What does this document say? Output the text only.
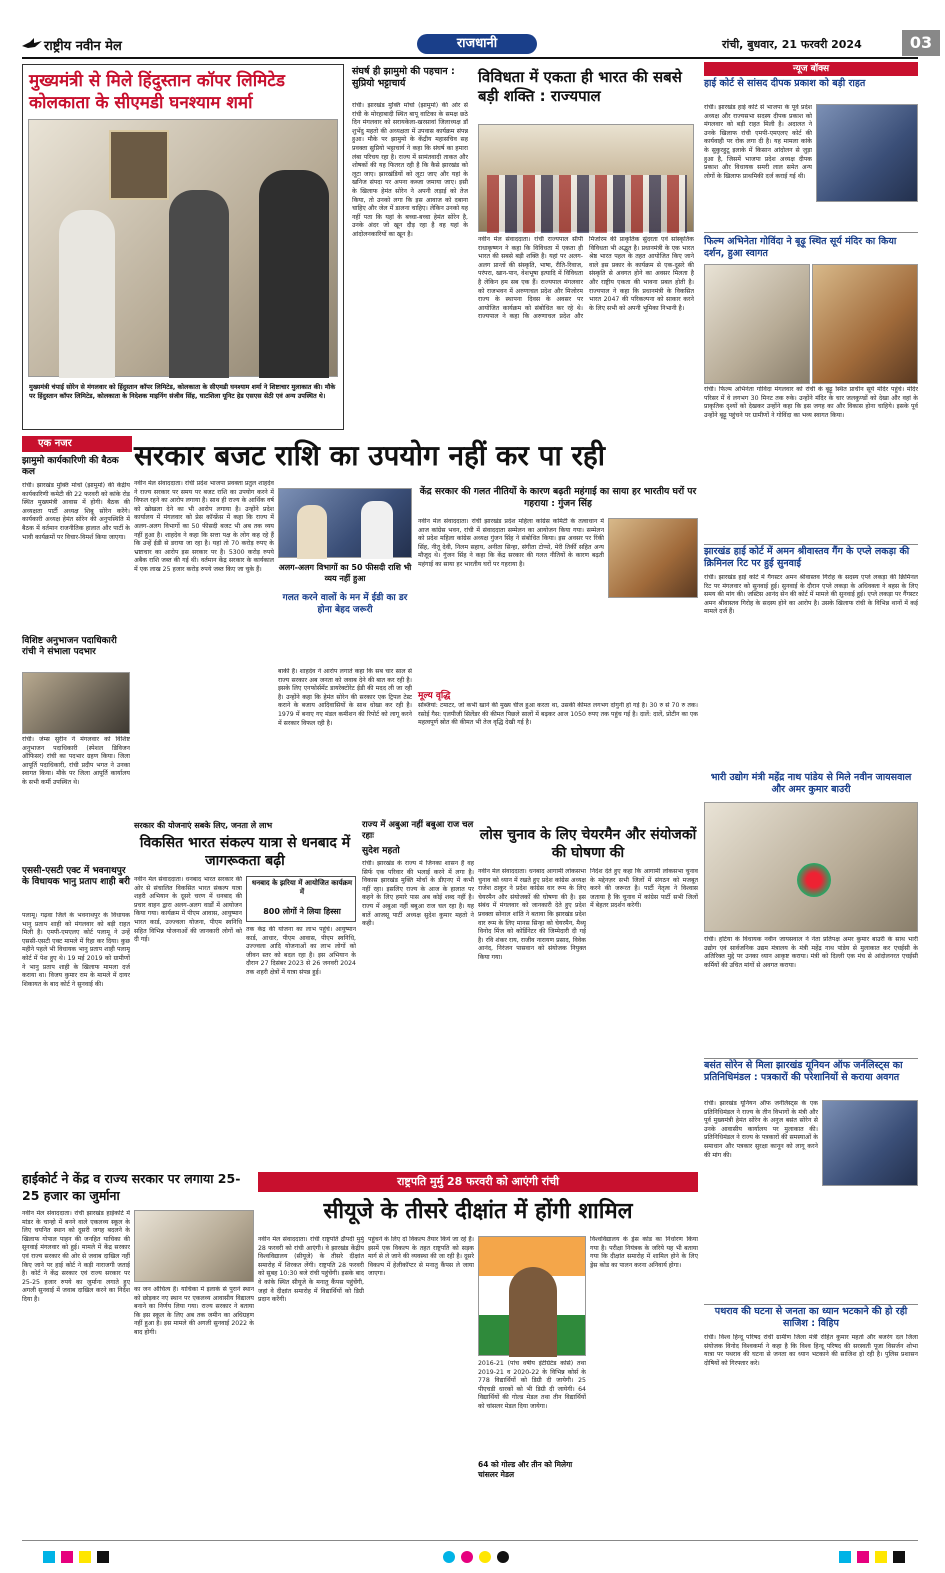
राष्ट्रीय नवीन मेल	राजधानी	रांची, बुधवार, 21 फरवरी 2024	03
मुख्यमंत्री से मिले हिंदुस्तान कॉपर लिमिटेड
कोलकाता के सीएमडी घनश्याम शर्मा
मुख्यमंत्री चंपाई सोरेन से मंगलवार को हिंदुस्तान कॉपर लिमिटेड, कोलकाता के सीएमडी घनश्याम शर्मा ने शिष्टाचार मुलाकात की। मौके पर हिंदुस्तान कॉपर लिमिटेड, कोलकाता के निदेशक माइनिंग संजीव सिंह, घाटशिला यूनिट हेड एसएस सेठी एवं अन्य उपस्थित थे।
संघर्ष ही झामुमो की पहचान : सुप्रियो भट्टाचार्य
रांची। झारखंड मुक्ति मोर्चा (झामुमो) की ओर से रांची के मोरहाबादी स्थित बापू वाटिका के समक्ष छठे दिन मंगलवार को सरायकेला-खरसावां जिलाध्यक्ष डॉ शुभेंदु महतो की अध्यक्षता में उपवास कार्यक्रम संपन्न हुआ। मौके पर झामुमो के केंद्रीय महासचिव सह प्रवक्ता सुप्रियो भट्टाचार्य ने कहा कि संघर्ष का हमारा लंबा परिचय रहा है। राज्य में सामंतवादी ताकत और शोषकों की यह फितरत रही है कि कैसे झारखंड को लूटा जाए। झारखंडियों को लूटा जाए और यहां के खनिज संपदा पर अपना कब्जा जमाया जाए। इसी के खिलाफ हेमंत सोरेन ने अपनी लड़ाई को तेज किया, तो उनको लगा कि इस आवाज को दबाना चाहिए और जेल में डालना चाहिए। लेकिन उनको यह नहीं पता कि यहां के बच्चा-बच्चा हेमंत सोरेन है, उनके अंदर जो खून दौड़ रहा है वह यहां के आंदोलनकारियों का खून है।
विविधता में एकता ही भारत की सबसे बड़ी शक्ति : राज्यपाल
नवीन मेल संवाददाता। रांची राज्यपाल सीपी राधाकृष्णन ने कहा कि विविधता में एकता ही भारत की सबसे बड़ी शक्ति है। यहां पर अलग-अलग प्रान्तों की संस्कृति, भाषा, रीति-रिवाज, परंपरा, खान-पान, वेशभूषा इत्यादि में विविधता है लेकिन हम सब एक हैं। राज्यपाल मंगलवार को राजभवन में अरुणाचल प्रदेश और मिजोरम राज्य के स्थापना दिवस के अवसर पर आयोजित कार्यक्रम को संबोधित कर रहे थे। राज्यपाल ने कहा कि अरुणाचल प्रदेश और मिजोरम की प्राकृतिक सुंदरता एवं सांस्कृतिक विविधता भी अद्भुत है। प्रधानमंत्री के एक भारत श्रेष्ठ भारत पहल के तहत आयोजित किए जाने वाले इस प्रकार के कार्यक्रम से एक-दूसरे की संस्कृति से अवगत होने का अवसर मिलता है और राष्ट्रीय एकता की भावना प्रबल होती है। राज्यपाल ने कहा कि प्रधानमंत्री के विकसित भारत 2047 की परिकल्पना को साकार करने के लिए सभी को अपनी भूमिका निभानी है।
न्यूज बॉक्स
हाई कोर्ट से सांसद दीपक प्रकाश को बड़ी राहत
रांची। झारखंड हाई कोर्ट से भाजपा के पूर्व प्रदेश अध्यक्ष और राज्यसभा सदस्य दीपक प्रकाश को मंगलवार को बड़ी राहत मिली है। अदालत ने उनके खिलाफ रांची एमपी-एमएलए कोर्ट की कार्यवाही पर रोक लगा दी है। यह मामला कांके के सुकुरहुटू इलाके में किसान आंदोलन से जुड़ा हुआ है, जिसमें भाजपा प्रदेश अध्यक्ष दीपक प्रकाश और विधायक समरी लाल समेत अन्य लोगों के खिलाफ प्राथमिकी दर्ज कराई गई थी।
फिल्म अभिनेता गोविंदा ने बूढ़ू स्थित सूर्य मंदिर का किया दर्शन, हुआ स्वागत
रांची। फिल्म अभिनेता गोविंदा मंगलवार को रांची के बूढ़ू स्थित प्राचीन सूर्य मंदिर पहुंचे। मंदिर परिसर में वे लगभग 30 मिनट तक रुके। उन्होंने मंदिर के चार जलकुण्डों को देखा और वहां के प्राकृतिक दृश्यों को देखकर उन्होंने कहा कि इस जगह का और विकास होना चाहिये। इसके पूर्व उन्होंने बूढ़ू पहुंचने पर ग्रामीणों ने गोविंदा का भव्य स्वागत किया।
झारखंड हाई कोर्ट में अमन श्रीवास्तव गैंग के एप्ले लकड़ा की क्रिमिनल रिट पर हुई सुनवाई
रांची। झारखंड हाई कोर्ट में गैंगस्टर अमन श्रीवास्तव गिरोह के सदस्य एप्ले लकड़ा की क्रिमिनल रिट पर मंगलवार को सुनवाई हुई। सुनवाई के दौरान एप्ले लकड़ा के अधिवक्ता ने बहस के लिए समय की मांग की। जस्टिस आनंद सेन की कोर्ट में मामले की सुनवाई हुई। एप्ले लकड़ा पर गैंगस्टर अमन श्रीवास्तव गिरोह के सदस्य होने का आरोप है। उसके खिलाफ रांची के विभिन्न थानों में कई मामले दर्ज हैं।
भारी उद्योग मंत्री महेंद्र नाथ पांडेय से मिले नवीन जायसवाल और अमर कुमार बाउरी
रांची। हटिया के विधायक नवीन जायसवाल ने नेता प्रतिपक्ष अमर कुमार बाउरी के साथ भारी उद्योग एवं सार्वजनिक उद्यम मंत्रालय के मंत्री महेंद्र नाथ पांडेय से मुलाकात कर एचईसी के अतिरिक्त मुद्दे पर उनका ध्यान आकृष्ट कराया। मंत्री को दिल्ली एक मंच से आंदोलनरत एचईसी कर्मियों की उचित मांगों से अवगत कराया।
बसंत सोरेन से मिला झारखंड यूनियन ऑफ जर्नलिस्ट्स का प्रतिनिधिमंडल : पत्रकारों की परेशानियों से कराया अवगत
रांची। झारखंड यूनियन ऑफ जर्नलिस्ट्स के एक प्रतिनिधिमंडल ने राज्य के तीन विभागों के मंत्री और पूर्व मुख्यमंत्री हेमंत सोरेन के अनुज बसंत सोरेन से उनके आवासीय कार्यालय पर मुलाकात की। प्रतिनिधिमंडल ने राज्य के पत्रकारों की समस्याओं के समाधान और पत्रकार सुरक्षा कानून को लागू करने की मांग की।
पथराव की घटना से जनता का ध्यान भटकाने की हो रही साजिश : विहिप
रांची। विश्व हिन्दू परिषद रांची ग्रामीण जिला मंत्री रोहित कुमार महतो और बजरंग दल जिला संयोजक विनोद विश्वकर्मा ने कहा है कि विश्व हिन्दू परिषद की सरस्वती पूजा विसर्जन शोभा यात्रा पर पथराव की घटना से जनता का ध्यान भटकाने की साजिश हो रही है। पुलिस प्रशासन दोषियों को गिरफ्तार करे।
एक नजर
झामुमो कार्यकारिणी की बैठक कल
रांची। झारखंड मुक्ति मोर्चा (झामुमो) की केंद्रीय कार्यकारिणी कमेटी की 22 फरवरी को कांके रोड स्थित मुख्यमंत्री आवास में होगी। बैठक की अध्यक्षता पार्टी अध्यक्ष शिबू सोरेन करेंगे। कार्यकारी अध्यक्ष हेमंत सोरेन की अनुपस्थिति में बैठक में वर्तमान राजनीतिक हालात और पार्टी के भावी कार्यक्रमों पर विचार-विमर्श किया जाएगा।
विशिष्ट अनुभाजन पदाधिकारी रांची ने संभाला पदभार
रांची। जेम्स सुरीन ने मंगलवार को विशिष्ट अनुभाजन पदाधिकारी (स्पेशल डिविजन ऑफिसर) रांची का पदभार ग्रहण किया। जिला आपूर्ति पदाधिकारी, रांची प्रदीप भगत ने उनका स्वागत किया। मौके पर जिला आपूर्ति कार्यालय के सभी कर्मी उपस्थित थे।
एससी-एसटी एक्ट में भवनाथपुर के विधायक भानु प्रताप शाही बरी
पलामू। गढ़वा जिले के भवनाथपुर के विधायक भानु प्रताप शाही को मंगलवार को बड़ी राहत मिली है। एमपी-एमएलए कोर्ट पलामू ने उन्हें एससी-एसटी एक्ट मामले में रिहा कर दिया। कुछ महीने पहले भी विधायक भानु प्रताप शाही पलामू कोर्ट में पेश हुए थे। 19 मई 2019 को ग्रामीणों ने भानु प्रताप शाही के खिलाफ मामला दर्ज कराया था। विजय कुमार राम के मामले में दायर शिकायत के बाद कोर्ट ने सुनवाई की।
सरकार बजट राशि का उपयोग नहीं कर पा रही
नवीन मेल संवाददाता। रांची प्रदेश भाजपा प्रवक्ता प्रतुल शाहदेव ने राज्य सरकार पर समय पर बजट राशि का उपयोग करने में विफल रहने का आरोप लगाया है। साथ ही राज्य के आर्थिक वर्ष को खोखला देने का भी आरोप लगाया है। उन्होंने प्रदेश कार्यालय में मंगलवार को प्रेस कॉन्फ्रेंस में कहा कि राज्य में अलग-अलग विभागों का 50 फीसदी बजट भी अब तक व्यय नहीं हुआ है। शाहदेव ने कहा कि सत्ता पक्ष के लोग कह रहे हैं कि उन्हें ईडी से डराया जा रहा है। यहां तो 70 करोड़ रुपए के भ्रष्टाचार का आरोप इस सरकार पर है। 5300 करोड़ रुपये अबैक राशि जब्त की गई थी। वर्तमान केंद्र सरकार के कार्यकाल में एक लाख 25 हजार करोड़ रुपये जब्त किए जा चुके हैं।	अलग-अलग विभागों का 50 फीसदी राशि भी व्यय नहीं हुआ
गलत करने वालों के मन में ईडी का डर होना बेहद जरूरी
बाकी हैं। शाहदेव ने आरोप लगाते कहा कि सब चार साल से राज्य सरकार अब जनता को जवाब देने की बात कर रही है। इसके लिए एनफोर्समेंट डायरेक्टोरेट ईडी की मदद ली जा रही है। उन्होंने कहा कि हेमंत सोरेन की सरकार एक ट्रिपल टेस्ट कराने के बजाय आदिवासियों के साथ धोखा कर रही है। 1979 में बनाए गए मंडल कमीशन की रिपोर्ट को लागू करने में सरकार विफल रही है।
केंद्र सरकार की गलत नीतियों के कारण बढ़ती महंगाई का साया हर भारतीय घरों पर गहराया : गुंजन सिंह
नवीन मेल संवाददाता। रांची झारखंड प्रदेश महिला कांग्रेस कमिटी के तत्वाधान में आज कांग्रेस भवन, रांची में संवाददाता सम्मेलन का आयोजन किया गया। सम्मेलन को प्रदेश महिला कांग्रेस अध्यक्ष गुंजन सिंह ने संबोधित किया। इस अवसर पर रिंकी सिंह, नीतू देवी, निलम सहाय, अनीता सिन्हा, संगीता टोप्पो, मेरी तिर्की सहित अन्य मौजूद थे। गुंजन सिंह ने कहा कि केंद्र सरकार की गलत नीतियों के कारण बढ़ती महंगाई का साया हर भारतीय घरों पर गहराया है।
मूल्य वृद्धि
सब्जियां: टमाटर, जो कभी खाने की मुख्य चीज हुआ करता था, उसकी कीमत लगभग दोगुनी हो गई है। 30 रु से 70 रु तक। रसोई गैस: एलपीजी सिलेंडर की कीमत पिछले सालों में बढ़कर आज 1050 रुपए तक पहुंच गई है। दालें: दालें, प्रोटीन का एक महत्वपूर्ण स्रोत की कीमत भी तेज वृद्धि देखी गई है।
सरकार की योजनाएं सबके लिए, जनता ले लाभ
विकसित भारत संकल्प यात्रा से धनबाद में जागरूकता बढ़ी
नवीन मेल संवाददाता। धनबाद भारत सरकार की ओर से संचालित विकसित भारत संकल्प यात्रा शहरी अभियान के दूसरे चरण में धनबाद की प्रचार वाहन द्वारा अलग-अलग वार्डों में आयोजन किया गया। कार्यक्रम में पीएम आवास, आयुष्मान भारत कार्ड, उज्ज्वला योजना, पीएम स्वनिधि सहित विभिन्न योजनाओं की जानकारी लोगों को दी गई।
धनबाद के झरिया में आयोजित कार्यक्रम में
800 लोगों ने लिया हिस्सा
तक केंद्र की योजना का लाभ पहुंचे। आयुष्मान कार्ड, आधार, पीएम आवास, पीएम स्वनिधि, उज्ज्वला आदि योजनाओं का लाभ लोगों को जीवन स्तर को बदल रहा है। इस अभियान के दौरान 27 दिसंबर 2023 से 26 जनवरी 2024 तक शहरी क्षेत्रों में यात्रा संपन्न हुई।
राज्य में अबुआ नहीं बबुआ राज चल रहाः
सुदेश महतो
रांची। झारखंड के राज्य में जिनका शासन है वह सिर्फ एक परिवार की भलाई करने में लगा है। विकास झारखंड मुक्ति मोर्चा के डीएनए में कभी नहीं रहा। इसलिए राज्य के आज के हालात पर कहने के लिए हमारे पास अब कोई शब्द नहीं है। राज्य में अबुआ नहीं बबुआ राज चल रहा है। यह बातें आजसू पार्टी अध्यक्ष सुदेश कुमार महतो ने कही।
लोस चुनाव के लिए चेयरमैन और संयोजकों की घोषणा की
नवीन मेल संवाददाता। धनबाद आगामी लोकसभा चुनाव को ध्यान में रखते हुए प्रदेश कांग्रेस अध्यक्ष राजेश ठाकुर ने प्रदेश कांग्रेस वार रूम के लिए चेयरमैन और संयोजकों की घोषणा की है। इस संबंध में मंगलवार को जानकारी देते हुए प्रदेश प्रवक्ता सोनाल शांति ने बताया कि झारखंड प्रदेश वार रूम के लिए मानस सिन्हा को चेयरमैन, मैथ्यू विनोद मिंज को कोर्डिनेटर की जिम्मेदारी दी गई है। रवि शंकर राय, राजीव नारायण प्रसाद, विवेक आनंद, निरंजन पासवान को संयोजक नियुक्त किया गया।
निर्देश देते हुए कहा कि आगामी लोकसभा चुनाव के मद्देनज़र सभी जिलों में संगठन को मजबूत करने की जरूरत है। पार्टी नेतृत्व ने विश्वास जताया है कि चुनाव में कांग्रेस पार्टी सभी जिलों में बेहतर प्रदर्शन करेगी।
हाईकोर्ट ने केंद्र व राज्य सरकार पर लगाया 25-25 हजार का जुर्माना
नवीन मेल संवाददाता। रांची झारखंड हाईकोर्ट में मांडर के चान्हो में बनने वाले एकलव्य स्कूल के लिए चयनित स्थान को दूसरी जगह बदलने के खिलाफ गोपाल पाहन की जनहित याचिका की सुनवाई मंगलवार को हुई। मामले में केंद्र सरकार एवं राज्य सरकार की ओर से जवाब दाखिल नहीं किए जाने पर हाई कोर्ट ने कड़ी नाराजगी जताई है। कोर्ट ने केंद्र सरकार एवं राज्य सरकार पर 25-25 हजार रुपये का जुर्माना लगाते हुए अगली सुनवाई में जवाब दाखिल करने का निर्देश दिया है।
का जन औचित्य है। याचिका में इलाके से पुराने स्थान को छोड़कर नए स्थान पर एकलव्य आवासीय विद्यालय बनाने का निर्णय लिया गया। राज्य सरकार ने बताया कि इस स्कूल के लिए अब तक जमीन का अधिग्रहण नहीं हुआ है। इस मामले की अगली सुनवाई 2022 के बाद होगी।
राष्ट्रपति मुर्मु 28 फरवरी को आएंगी रांची
सीयूजे के तीसरे दीक्षांत में होंगी शामिल
नवीन मेल संवाददाता। रांची राष्ट्रपति द्रौपदी मुर्मु 28 फरवरी को रांची आएंगी। वे झारखंड केंद्रीय विश्वविद्यालय (सीयूजे) के तीसरे दीक्षांत समारोह में शिरकत लेंगी। राष्ट्रपति 28 फरवरी को सुबह 10:30 बजे रांची पहुंचेंगी। इसके बाद वे कांके स्थित सीयूजे के मनातु कैंपस पहुंचेंगी, जहां वे दीक्षांत समारोह में विद्यार्थियों को डिग्री प्रदान करेंगी।
पहुंचने के लिए दो विकल्प तैयार किये जा रहे हैं। इसमें एक विकल्प के तहत राष्ट्रपति को सड़क मार्ग से ले जाने की व्यवस्था की जा रही है। दूसरे विकल्प में हेलीकॉप्टर से मनातु कैंपस ले जाया जाएगा।
2016-21 (पांच वर्षीय इंटीग्रेटेड कोर्स) तथा 2019-21 व 2020-22 के विभिन्न कोर्स के 778 विद्यार्थियों को डिग्री दी जायेगी। 25 पीएचडी धारकों को भी डिग्री दी जायेगी। 64 विद्यार्थियों की गोल्ड मेडल तथा तीन विद्यार्थियों को चांसलर मेडल दिया जायेगा।
64 को गोल्ड और तीन को मिलेगा चांसलर मेडल
विश्वविद्यालय के ड्रेस कोड का निर्धारण किया गया है। परीक्षा नियंत्रक के जरिये यह भी बताया गया कि दीक्षांत समारोह में शामिल होने के लिए ड्रेस कोड का पालन करना अनिवार्य होगा।
